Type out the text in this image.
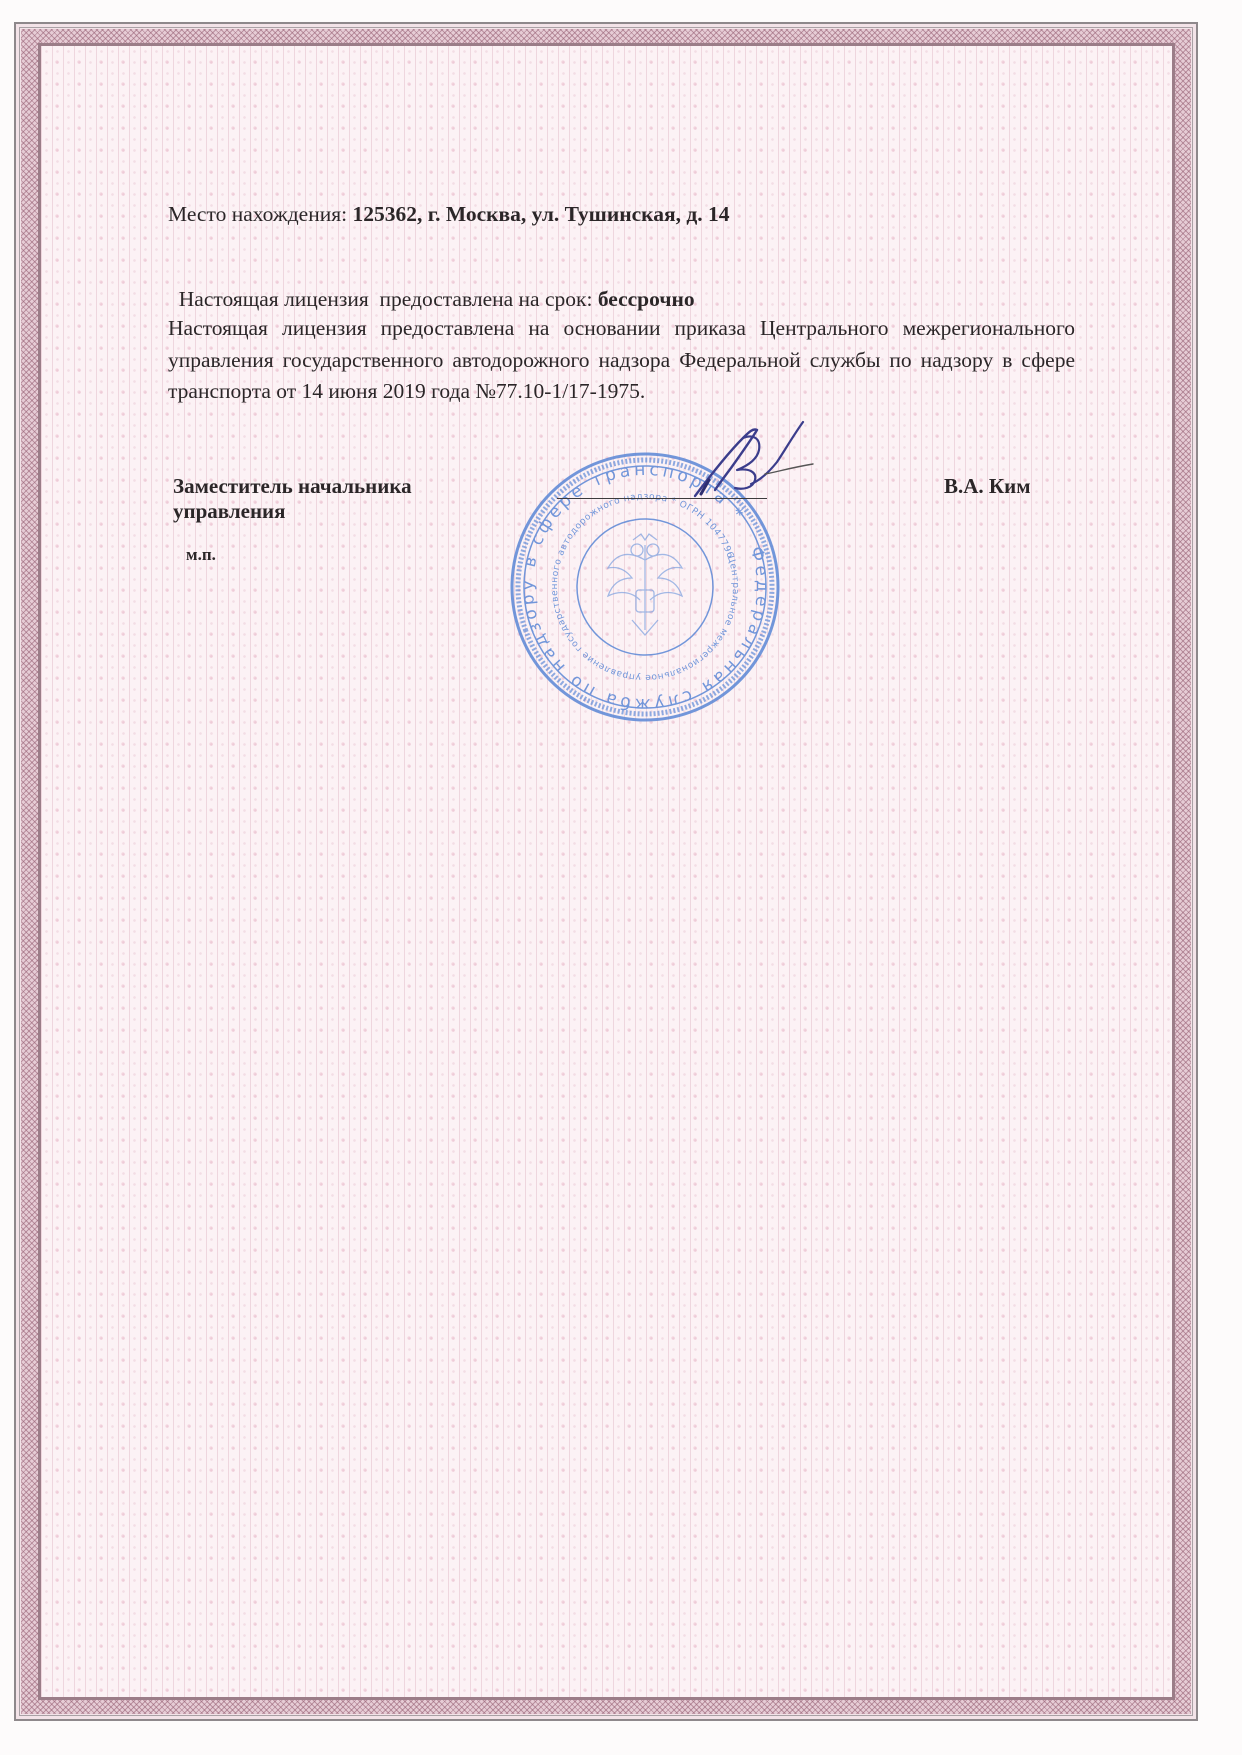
Место нахождения: 125362, г. Москва, ул. Тушинская, д. 14

Настоящая лицензия  предоставлена на срок: бессрочно

Настоящая лицензия предоставлена на основании приказа Центрального межрегионального управления государственного автодорожного надзора Федеральной службы по надзору в сфере транспорта от 14 июня 2019 года №77.10-1/17-1975.
Заместитель начальника
управления
м.п.	Федеральная служба по надзору в сфере транспорта *
Центральное межрегиональное управление государственного автодорожного надзора * ОГРН 1047796327983
В.А. Ким
